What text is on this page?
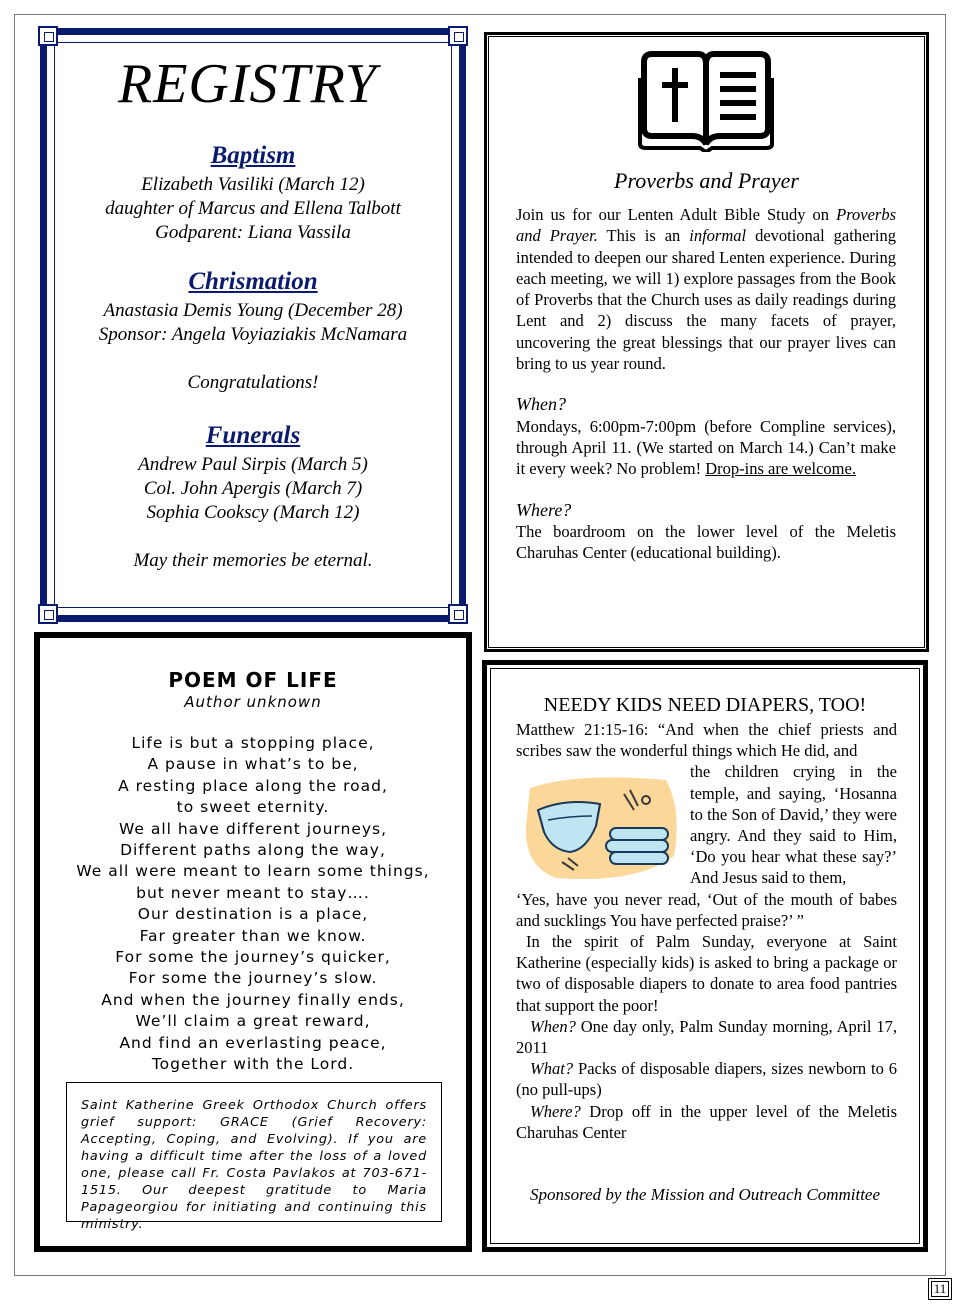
REGISTRY
Baptism
Elizabeth Vasiliki (March 12)
daughter of Marcus and Ellena Talbott
Godparent: Liana Vassila
Chrismation
Anastasia Demis Young (December 28)
Sponsor: Angela Voyiaziakis McNamara
Congratulations!
Funerals
Andrew Paul Sirpis (March 5)
Col. John Apergis (March 7)
Sophia Cookscy (March 12)
May their memories be eternal.
Proverbs and Prayer
Join us for our Lenten Adult Bible Study on Proverbs and Prayer. This is an informal devotional gathering intended to deepen our shared Lenten experience. During each meeting, we will 1) explore passages from the Book of Proverbs that the Church uses as daily readings during Lent and 2) discuss the many facets of prayer, uncovering the great blessings that our prayer lives can bring to us year round.
When?
Mondays, 6:00pm-7:00pm (before Compline services), through April 11. (We started on March 14.) Can’t make it every week? No problem! Drop-ins are welcome.
Where?
The boardroom on the lower level of the Meletis Charuhas Center (educational building).
POEM OF LIFE
Author unknown
Life is but a stopping place,
A pause in what’s to be,
A resting place along the road,
to sweet eternity.
We all have different journeys,
Different paths along the way,
We all were meant to learn some things,
but never meant to stay….
Our destination is a place,
Far greater than we know.
For some the journey’s quicker,
For some the journey’s slow.
And when the journey finally ends,
We’ll claim a great reward,
And find an everlasting peace,
Together with the Lord.
Saint Katherine Greek Orthodox Church offers grief support: GRACE (Grief Recovery: Accepting, Coping, and Evolving). If you are having a difficult time after the loss of a loved one, please call Fr. Costa Pavlakos at 703-671-1515. Our deepest gratitude to Maria Papageorgiou for initiating and continuing this ministry.
NEEDY KIDS NEED DIAPERS, TOO!

Matthew 21:15-16: “And when the chief priests and scribes saw the wonderful things which He did, and

the children crying in the temple, and saying, ‘Hosanna to the Son of David,’ they were angry. And they said to Him, ‘Do you hear what these say?’ And Jesus said to them,

‘Yes, have you never read, ‘Out of the mouth of babes and sucklings You have perfected praise?’ ”

In the spirit of Palm Sunday, everyone at Saint Katherine (especially kids) is asked to bring a package or two of disposable diapers to donate to area food pantries that support the poor!

When? One day only, Palm Sunday morning, April 17, 2011

What? Packs of disposable diapers, sizes newborn to 6 (no pull-ups)

Where? Drop off in the upper level of the Meletis Charuhas Center

Sponsored by the Mission and Outreach Committee
11
